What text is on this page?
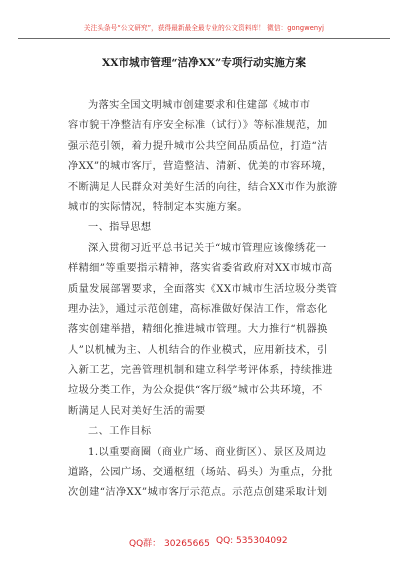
关注头条号“公文研究”，获得最新最全最专业的公文资料库！ 微信：gongwenyj
XX市城市管理“洁净XX”专项行动实施方案
为落实全国文明城市创建要求和住建部《城市市
容市貌干净整洁有序安全标准（试行）》等标准规范，加
强示范引领，着力提升城市公共空间品质品位，打造“洁
净XX”的城市客厅，营造整洁、清新、优美的市容环境，
不断满足人民群众对美好生活的向往，结合XX市作为旅游
城市的实际情况，特制定本实施方案。
一、指导思想
深入贯彻习近平总书记关于“城市管理应该像绣花一
样精细”等重要指示精神，落实省委省政府对XX市城市高
质量发展部署要求，全面落实《XX市城市生活垃圾分类管
理办法》，通过示范创建，高标准做好保洁工作，常态化
落实创建举措，精细化推进城市管理。大力推行“机器换
人”以机械为主、人机结合的作业模式，应用新技术，引
入新工艺，完善管理机制和建立科学考评体系，持续推进
垃圾分类工作，为公众提供“客厅级”城市公共环境，不
断满足人民对美好生活的需要
二、工作目标
1.以重要商圈（商业广场、商业街区）、景区及周边
道路，公园广场、交通枢纽（场站、码头）为重点，分批
次创建“洁净XX”城市客厅示范点。示范点创建采取计划
QQ群： 30265665 QQ: 535304092
